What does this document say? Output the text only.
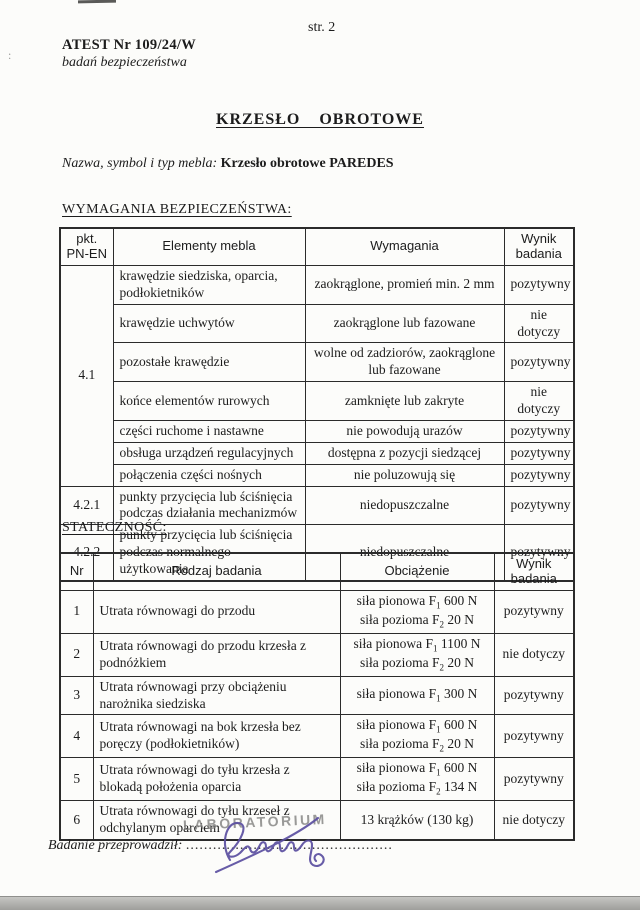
:
str. 2
ATEST Nr 109/24/W
badań bezpieczeństwa
KRZESŁO OBROTOWE
Nazwa, symbol i typ mebla: Krzesło obrotowe PAREDES
WYMAGANIA BEZPIECZEŃSTWA:
pkt. PN-EN	Elementy mebla	Wymagania	Wynik badania
4.1	krawędzie siedziska, oparcia, podłokietników	zaokrąglone, promień min. 2 mm	pozytywny
	krawędzie uchwytów	zaokrąglone lub fazowane	nie dotyczy
	pozostałe krawędzie	wolne od zadziorów, zaokrąglone lub fazowane	pozytywny
	końce elementów rurowych	zamknięte lub zakryte	nie dotyczy
	części ruchome i nastawne	nie powodują urazów	pozytywny
	obsługa urządzeń regulacyjnych	dostępna z pozycji siedzącej	pozytywny
	połączenia części nośnych	nie poluzowują się	pozytywny
4.2.1	punkty przycięcia lub ściśnięcia podczas działania mechanizmów	niedopuszczalne	pozytywny
4.2.2	punkty przycięcia lub ściśnięcia podczas normalnego użytkowania	niedopuszczalne	pozytywny
STATECZNOŚĆ:
Nr	Rodzaj badania	Obciążenie	Wynik badania
1	Utrata równowagi do przodu	siła pionowa $F_1$ 600 N
siła pozioma $F_2$ 20 N	pozytywny
2	Utrata równowagi do przodu krzesła z podnóżkiem	siła pionowa $F_1$ 1100 N
siła pozioma $F_2$ 20 N	nie dotyczy
3	Utrata równowagi przy obciążeniu narożnika siedziska	siła pionowa $F_1$ 300 N	pozytywny
4	Utrata równowagi na bok krzesła bez poręczy (podłokietników)	siła pionowa $F_1$ 600 N
siła pozioma $F_2$ 20 N	pozytywny
5	Utrata równowagi do tyłu krzesła z blokadą położenia oparcia	siła pionowa $F_1$ 600 N
siła pozioma $F_2$ 134 N	pozytywny
6	Utrata równowagi do tyłu krzeseł z odchylanym oparciem	13 krążków (130 kg)	nie dotyczy
LABORATORIUM
Badanie przeprowadził: ..............................................
